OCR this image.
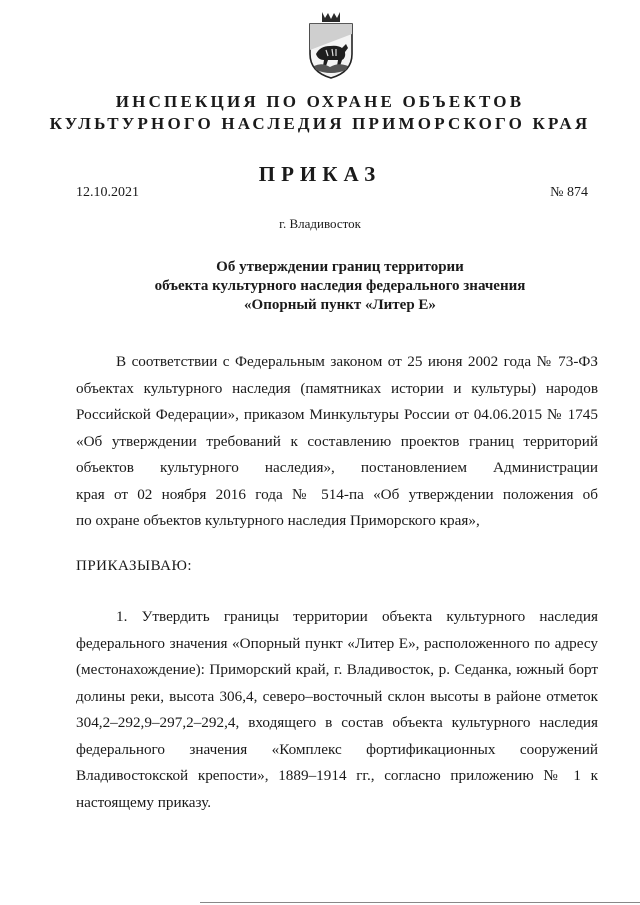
ИНСПЕКЦИЯ ПО ОХРАНЕ ОБЪЕКТОВ
КУЛЬТУРНОГО НАСЛЕДИЯ ПРИМОРСКОГО КРАЯ
ПРИКАЗ
12.10.2021	№ 874
г. Владивосток
Об утверждении границ территории
объекта культурного наследия федерального значения
«Опорный пункт «Литер Е»
В соответствии с Федеральным законом от 25 июня 2002 года № 73-ФЗ
объектах культурного наследия (памятниках истории и культуры) народов
Российской Федерации», приказом Минкультуры России от 04.06.2015 № 1745
«Об утверждении требований к составлению проектов границ территорий
объектов культурного наследия», постановлением Администрации
края от 02 ноября 2016 года № 514-па «Об утверждении положения об
по охране объектов культурного наследия Приморского края»,
ПРИКАЗЫВАЮ:
1. Утвердить границы территории объекта культурного наследия
федерального значения «Опорный пункт «Литер Е», расположенного по адресу
(местонахождение): Приморский край, г. Владивосток, р. Седанка, южный борт
долины реки, высота 306,4, северо–восточный склон высоты в районе отметок
304,2–292,9–297,2–292,4, входящего в состав объекта культурного наследия
федерального значения «Комплекс фортификационных сооружений
Владивостокской крепости», 1889–1914 гг., согласно приложению № 1 к
настоящему приказу.
